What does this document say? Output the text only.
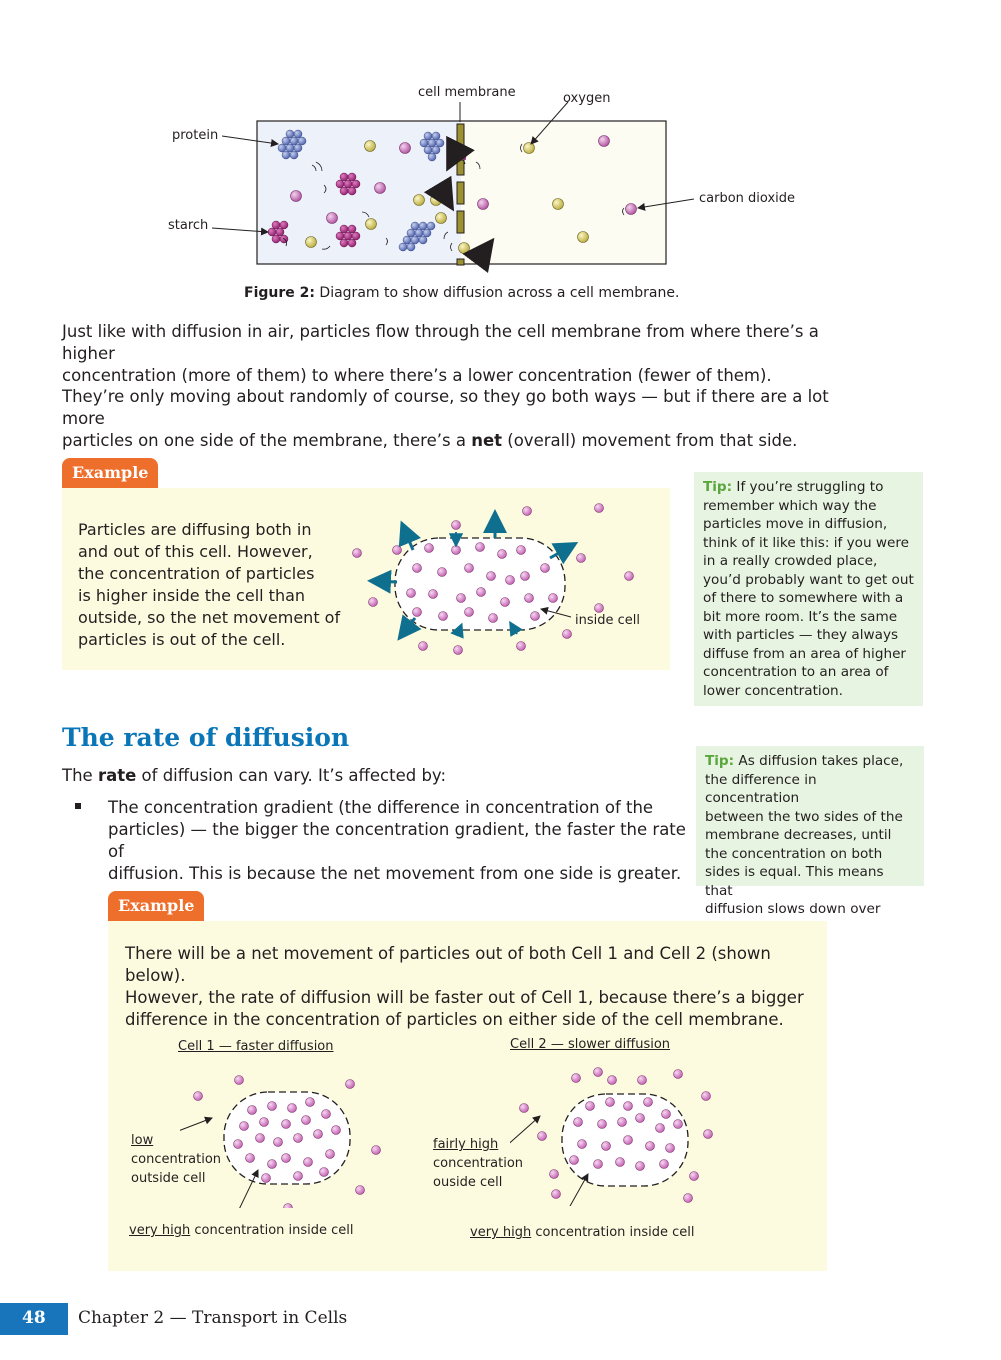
cell membrane	oxygen
protein
carbon dioxide
starch
Figure 2: Diagram to show diffusion across a cell membrane.
Just like with diffusion in air, particles flow through the cell membrane from where there’s a higher
concentration (more of them) to where there’s a lower concentration (fewer of them).
They’re only moving about randomly of course, so they go both ways — but if there are a lot more
particles on one side of the membrane, there’s a net (overall) movement from that side.
Example
Particles are diffusing both in
and out of this cell. However,
the concentration of particles
is higher inside the cell than
outside, so the net movement of
particles is out of the cell.
inside cell
Tip: If you’re struggling to
remember which way the
particles move in diffusion,
think of it like this: if you were
in a really crowded place,
you’d probably want to get out
of there to somewhere with a
bit more room. It’s the same
with particles — they always
diffuse from an area of higher
concentration to an area of
lower concentration.
The rate of diffusion
The rate of diffusion can vary. It’s affected by:
The concentration gradient (the difference in concentration of the
particles) — the bigger the concentration gradient, the faster the rate of
diffusion. This is because the net movement from one side is greater.
Tip: As diffusion takes place,
the difference in concentration
between the two sides of the
membrane decreases, until
the concentration on both
sides is equal. This means that
diffusion slows down over
Example
There will be a net movement of particles out of both Cell 1 and Cell 2 (shown below).
However, the rate of diffusion will be faster out of Cell 1, because there’s a bigger
difference in the concentration of particles on either side of the cell membrane.
Cell 1 — faster diffusion	Cell 2 — slower diffusion
low
concentration
outside cell
fairly high
concentration
ouside cell
very high concentration inside cell	very high concentration inside cell
48 Chapter 2 — Transport in Cells
